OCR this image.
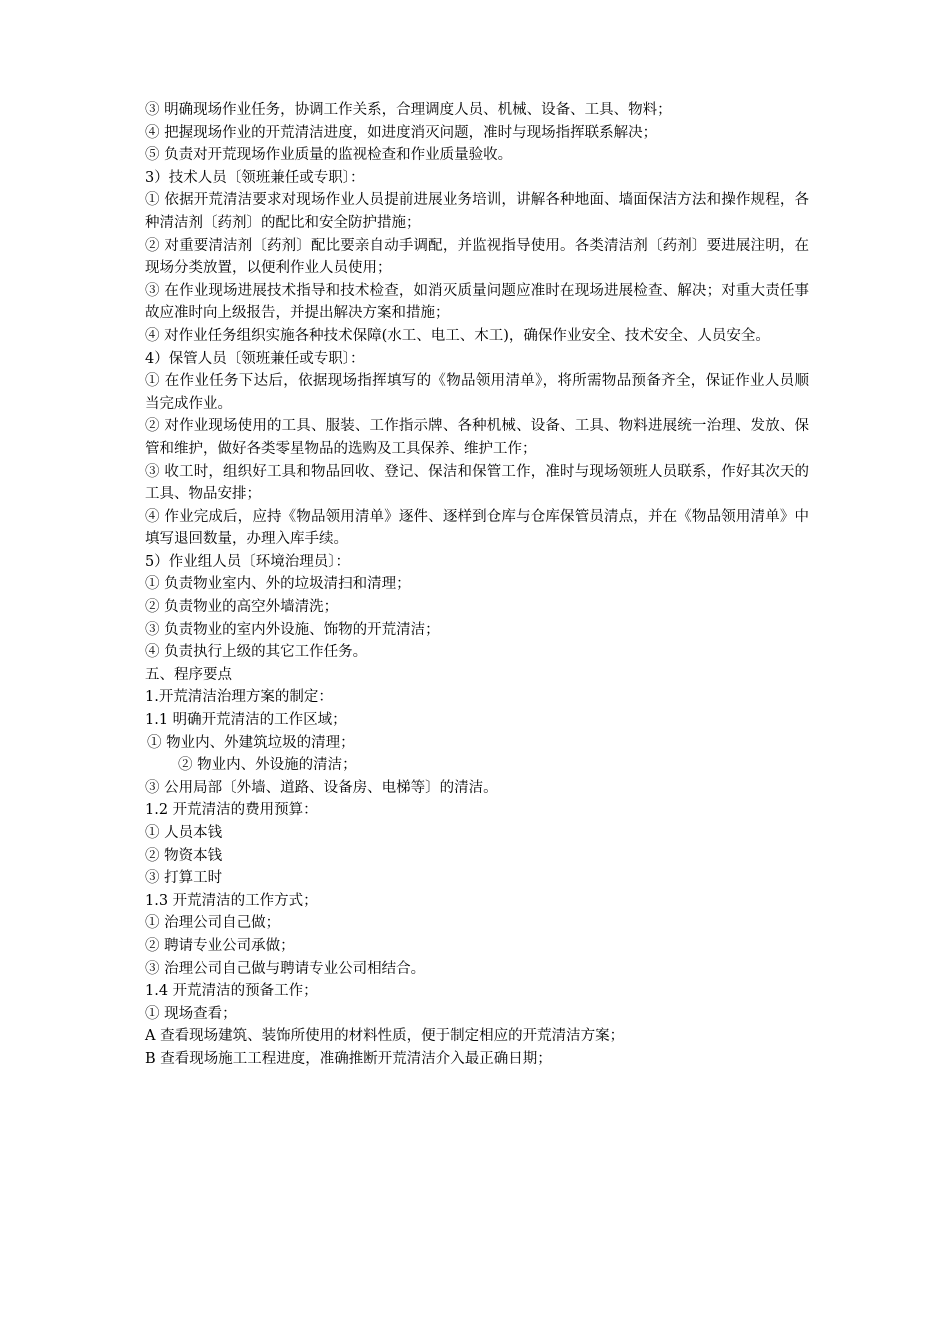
③ 明确现场作业任务，协调工作关系，合理调度人员、机械、设备、工具、物料；

④ 把握现场作业的开荒清洁进度，如进度消灭问题，准时与现场指挥联系解决；

⑤ 负责对开荒现场作业质量的监视检查和作业质量验收。

3）技术人员〔领班兼任或专职〕：

① 依据开荒清洁要求对现场作业人员提前进展业务培训，讲解各种地面、墙面保洁方法和操作规程，各种清洁剂〔药剂〕的配比和安全防护措施；

② 对重要清洁剂〔药剂〕配比要亲自动手调配，并监视指导使用。各类清洁剂〔药剂〕要进展注明，在现场分类放置，以便利作业人员使用；

③ 在作业现场进展技术指导和技术检查，如消灭质量问题应准时在现场进展检查、解决；对重大责任事故应准时向上级报告，并提出解决方案和措施；

④ 对作业任务组织实施各种技术保障(水工、电工、木工)，确保作业安全、技术安全、人员安全。

4）保管人员〔领班兼任或专职〕：

① 在作业任务下达后，依据现场指挥填写的《物品领用清单》，将所需物品预备齐全，保证作业人员顺当完成作业。

② 对作业现场使用的工具、服装、工作指示牌、各种机械、设备、工具、物料进展统一治理、发放、保管和维护，做好各类零星物品的选购及工具保养、维护工作；

③ 收工时，组织好工具和物品回收、登记、保洁和保管工作，准时与现场领班人员联系，作好其次天的工具、物品安排；

④ 作业完成后，应持《物品领用清单》逐件、逐样到仓库与仓库保管员清点，并在《物品领用清单》中填写退回数量，办理入库手续。

5）作业组人员〔环境治理员〕：

① 负责物业室内、外的垃圾清扫和清理；

② 负责物业的高空外墙清洗；

③ 负责物业的室内外设施、饰物的开荒清洁；

④ 负责执行上级的其它工作任务。

五、程序要点

1.开荒清洁治理方案的制定：

1.1 明确开荒清洁的工作区域；

① 物业内、外建筑垃圾的清理；

② 物业内、外设施的清洁；

③ 公用局部〔外墙、道路、设备房、电梯等〕的清洁。

1.2 开荒清洁的费用预算：

① 人员本钱

② 物资本钱

③ 打算工时

1.3 开荒清洁的工作方式；

① 治理公司自己做；

② 聘请专业公司承做；

③ 治理公司自己做与聘请专业公司相结合。

1.4 开荒清洁的预备工作；

① 现场查看；

A 查看现场建筑、装饰所使用的材料性质，便于制定相应的开荒清洁方案；

B 查看现场施工工程进度，准确推断开荒清洁介入最正确日期；
